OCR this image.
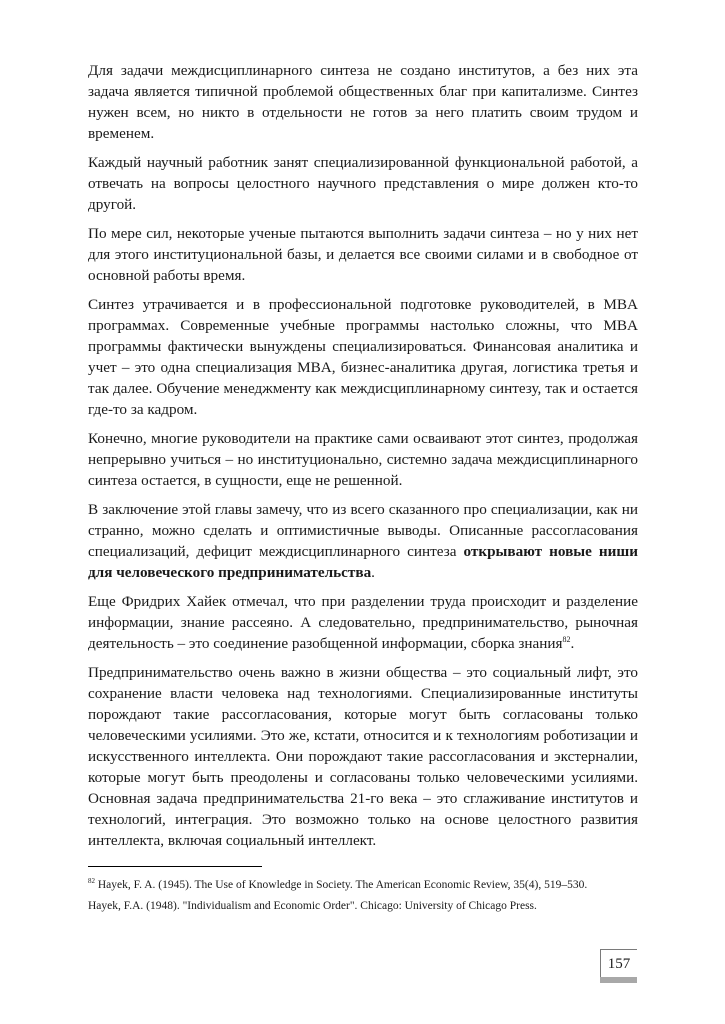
Для задачи междисциплинарного синтеза не создано институтов, а без них эта задача является типичной проблемой общественных благ при капитализме. Синтез нужен всем, но никто в отдельности не готов за него платить своим трудом и временем.

Каждый научный работник занят специализированной функциональной работой, а отвечать на вопросы целостного научного представления о мире должен кто-то другой.

По мере сил, некоторые ученые пытаются выполнить задачи синтеза – но у них нет для этого институциональной базы, и делается все своими силами и в свободное от основной работы время.

Синтез утрачивается и в профессиональной подготовке руководителей, в MBA программах. Современные учебные программы настолько сложны, что MBA программы фактически вынуждены специализироваться. Финансовая аналитика и учет – это одна специализация MBA, бизнес-аналитика другая, логистика третья и так далее. Обучение менеджменту как междисциплинарному синтезу, так и остается где-то за кадром.

Конечно, многие руководители на практике сами осваивают этот синтез, продолжая непрерывно учиться – но институционально, системно задача междисциплинарного синтеза остается, в сущности, еще не решенной.

В заключение этой главы замечу, что из всего сказанного про специализации, как ни странно, можно сделать и оптимистичные выводы. Описанные рассогласования специализаций, дефицит междисциплинарного синтеза открывают новые ниши для человеческого предпринимательства.

Еще Фридрих Хайек отмечал, что при разделении труда происходит и разделение информации, знание рассеяно. А следовательно, предпринимательство, рыночная деятельность – это соединение разобщенной информации, сборка знания$^{82}$.

Предпринимательство очень важно в жизни общества – это социальный лифт, это сохранение власти человека над технологиями. Специализированные институты порождают такие рассогласования, которые могут быть согласованы только человеческими усилиями. Это же, кстати, относится и к технологиям роботизации и искусственного интеллекта. Они порождают такие рассогласования и экстерналии, которые могут быть преодолены и согласованы только человеческими усилиями. Основная задача предпринимательства 21-го века – это сглаживание институтов и технологий, интеграция. Это возможно только на основе целостного развития интеллекта, включая социальный интеллект.

$^{82}$ Hayek, F. A. (1945). The Use of Knowledge in Society. The American Economic Review, 35(4), 519–530.

Hayek, F.A. (1948). "Individualism and Economic Order". Chicago: University of Chicago Press.

157
